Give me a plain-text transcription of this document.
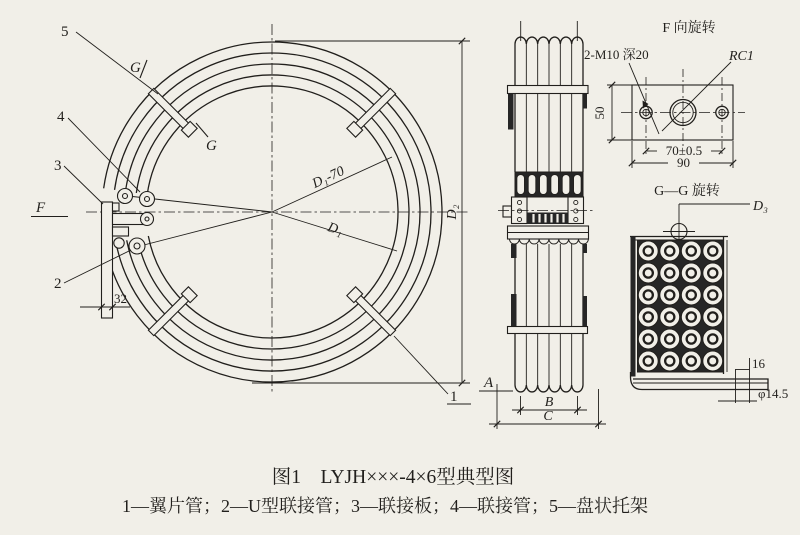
5
4
3
2
1
G
G
F
32
D₁-70
D₁
D₂
A
B
C
F 向旋转
2-M10 深20	RC1
50
70±0.5
90
G—G 旋转
D₃
16
φ14.5
图1　LYJH×××-4×6型典型图
1—翼片管；2—U型联接管；3—联接板；4—联接管；5—盘状托架
